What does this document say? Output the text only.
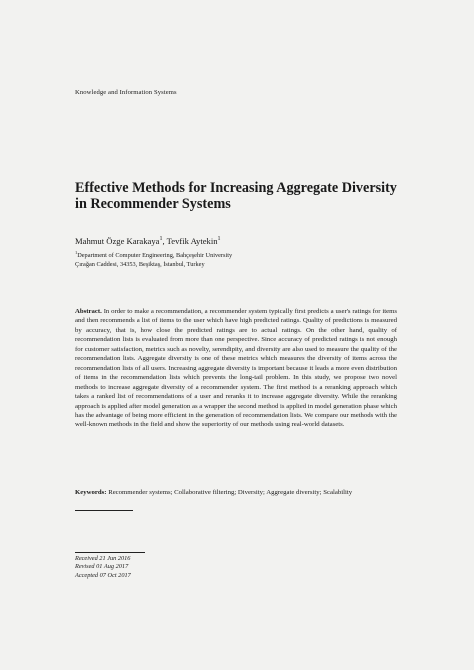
Knowledge and Information Systems
Effective Methods for Increasing Aggregate Diversity in Recommender Systems
Mahmut Özge Karakaya$^1$, Tevfik Aytekin$^1$
$^1$Department of Computer Engineering, Bahçeşehir University
Çırağan Caddesi, 34353, Beşiktaş, İstanbul, Turkey
Abstract. In order to make a recommendation, a recommender system typically first predicts a user's ratings for items and then recommends a list of items to the user which have high predicted ratings. Quality of predictions is measured by accuracy, that is, how close the predicted ratings are to actual ratings. On the other hand, quality of recommendation lists is evaluated from more than one perspective. Since accuracy of predicted ratings is not enough for customer satisfaction, metrics such as novelty, serendipity, and diversity are also used to measure the quality of the recommendation lists. Aggregate diversity is one of these metrics which measures the diversity of items across the recommendation lists of all users. Increasing aggregate diversity is important because it leads a more even distribution of items in the recommendation lists which prevents the long-tail problem. In this study, we propose two novel methods to increase aggregate diversity of a recommender system. The first method is a reranking approach which takes a ranked list of recommendations of a user and reranks it to increase aggregate diversity. While the reranking approach is applied after model generation as a wrapper the second method is applied in model generation phase which has the advantage of being more efficient in the generation of recommendation lists. We compare our methods with the well-known methods in the field and show the superiority of our methods using real-world datasets.
Keywords: Recommender systems; Collaborative filtering; Diversity; Aggregate diversity; Scalability
Received 21 Jun 2016
Revised 01 Aug 2017
Accepted 07 Oct 2017
